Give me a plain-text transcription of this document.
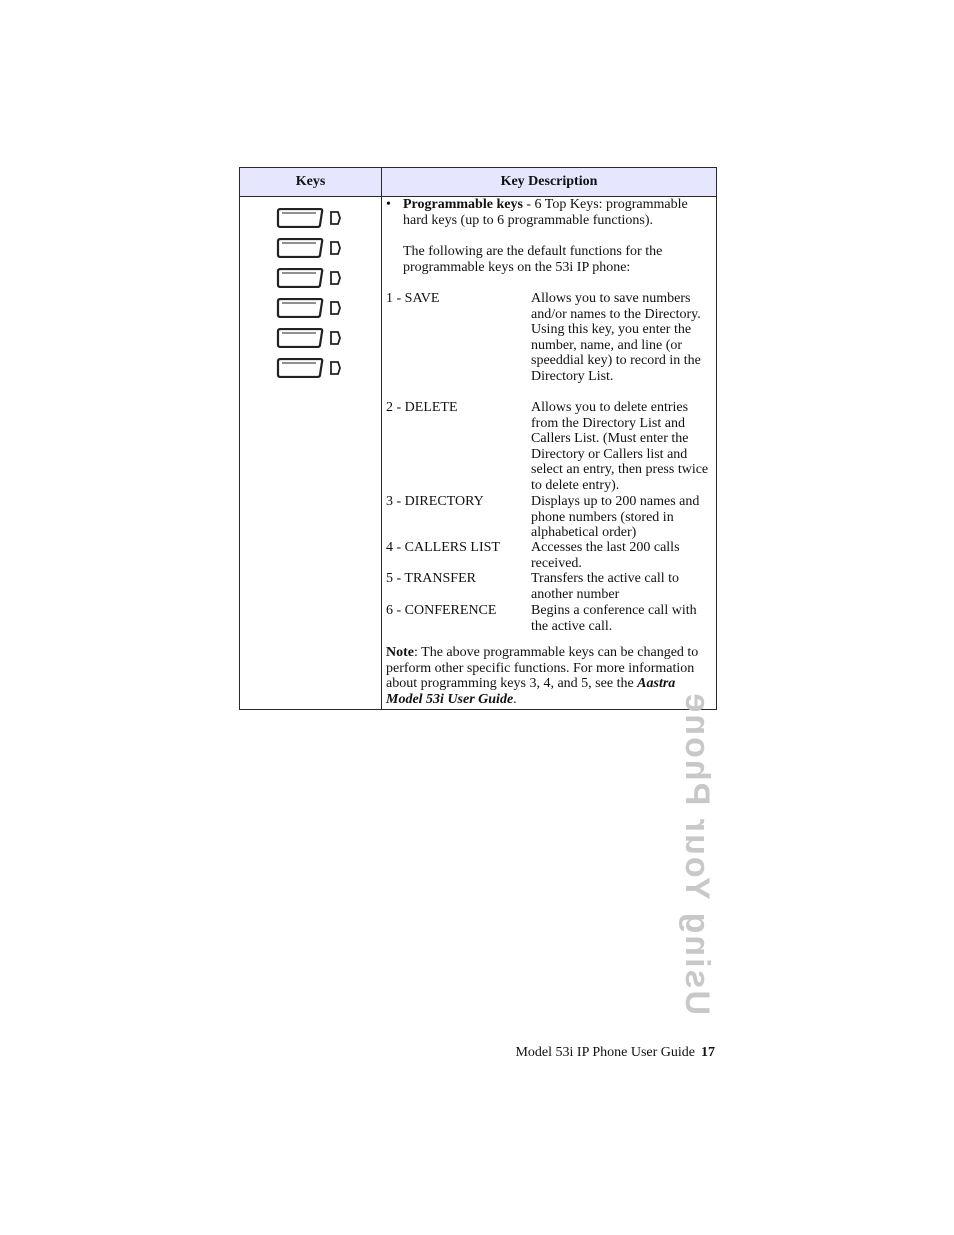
Keys	Key Description
• Programmable keys - 6 Top Keys: programmable hard keys (up to 6 programmable functions).
The following are the default functions for the programmable keys on the 53i IP phone:
1 - SAVE	Allows you to save numbers and/or names to the Directory. Using this key, you enter the number, name, and line (or speeddial key) to record in the Directory List.
2 - DELETE	Allows you to delete entries from the Directory List and Callers List. (Must enter the Directory or Callers list and select an entry, then press twice to delete entry).
3 - DIRECTORY	Displays up to 200 names and phone numbers (stored in alphabetical order)
4 - CALLERS LIST	Accesses the last 200 calls received.
5 - TRANSFER	Transfers the active call to another number
6 - CONFERENCE	Begins a conference call with the active call.
Note: The above programmable keys can be changed to perform other specific functions. For more information about programming keys 3, 4, and 5, see the Aastra Model 53i User Guide.	Using Your Phone
Model 53i IP Phone User Guide 17
